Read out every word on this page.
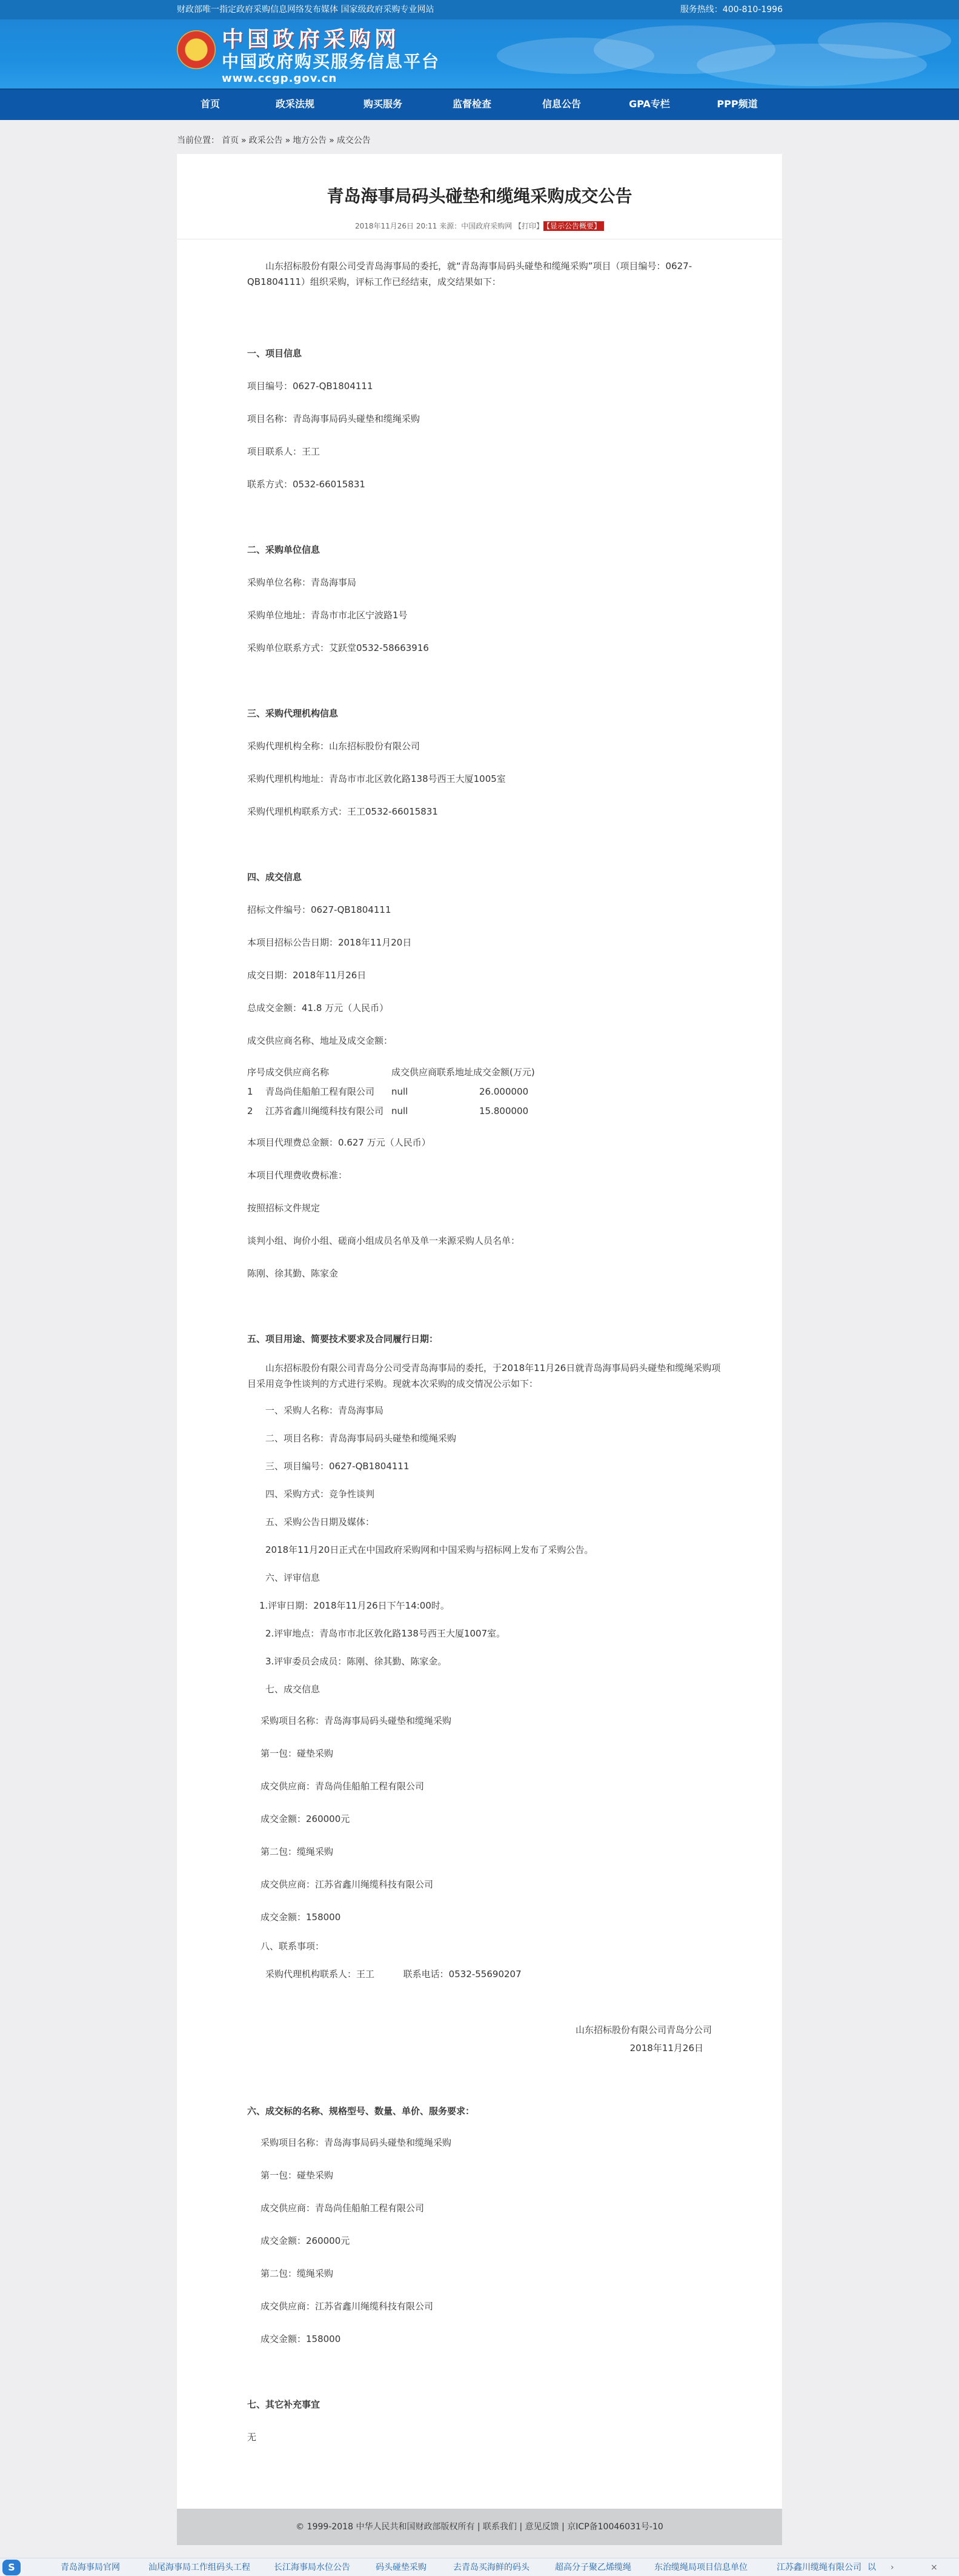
财政部唯一指定政府采购信息网络发布媒体 国家级政府采购专业网站	服务热线：400-810-1996
★ 中国政府采购网
中国政府购买服务信息平台
www.ccgp.gov.cn
首页	政采法规	购买服务	监督检查	信息公告	GPA专栏	PPP频道
当前位置： 首页 » 政采公告 » 地方公告 » 成交公告
青岛海事局码头碰垫和缆绳采购成交公告
2018年11月26日 20:11 来源：中国政府采购网 【打印】 【显示公告概要】
山东招标股份有限公司受青岛海事局的委托，就“青岛海事局码头碰垫和缆绳采购”项目（项目编号：0627-QB1804111）组织采购，评标工作已经结束，成交结果如下：
一、项目信息
项目编号：0627-QB1804111
项目名称：青岛海事局码头碰垫和缆绳采购
项目联系人：王工
联系方式：0532-66015831
二、采购单位信息
采购单位名称：青岛海事局
采购单位地址：青岛市市北区宁波路1号
采购单位联系方式：艾跃堂0532-58663916
三、采购代理机构信息
采购代理机构全称：山东招标股份有限公司
采购代理机构地址：青岛市市北区敦化路138号西王大厦1005室
采购代理机构联系方式：王工0532-66015831
四、成交信息
招标文件编号：0627-QB1804111
本项目招标公告日期：2018年11月20日
成交日期：2018年11月26日
总成交金额：41.8 万元（人民币）
成交供应商名称、地址及成交金额：
序号 成交供应商名称	成交供应商联系地址 成交金额(万元)
1 青岛尚佳船舶工程有限公司 null	26.000000
2 江苏省鑫川绳缆科技有限公司 null	15.800000
本项目代理费总金额：0.627 万元（人民币）
本项目代理费收费标准：
按照招标文件规定
谈判小组、询价小组、磋商小组成员名单及单一来源采购人员名单：
陈刚、徐其勤、陈家金
五、项目用途、简要技术要求及合同履行日期：
山东招标股份有限公司青岛分公司受青岛海事局的委托，于2018年11月26日就青岛海事局码头碰垫和缆绳采购项目采用竞争性谈判的方式进行采购。现就本次采购的成交情况公示如下：
一、采购人名称：青岛海事局
二、项目名称：青岛海事局码头碰垫和缆绳采购
三、项目编号：0627-QB1804111
四、采购方式：竞争性谈判
五、采购公告日期及媒体：
2018年11月20日正式在中国政府采购网和中国采购与招标网上发布了采购公告。
六、评审信息
1.评审日期：2018年11月26日下午14:00时。
2.评审地点：青岛市市北区敦化路138号西王大厦1007室。
3.评审委员会成员：陈刚、徐其勤、陈家金。
七、成交信息
采购项目名称：青岛海事局码头碰垫和缆绳采购
第一包：碰垫采购
成交供应商：青岛尚佳船舶工程有限公司
成交金额：260000元
第二包：缆绳采购
成交供应商：江苏省鑫川绳缆科技有限公司
成交金额：158000
八、联系事项：
采购代理机构联系人：王工          联系电话：0532-55690207
山东招标股份有限公司青岛分公司
2018年11月26日
六、成交标的名称、规格型号、数量、单价、服务要求：
采购项目名称：青岛海事局码头碰垫和缆绳采购
第一包：碰垫采购
成交供应商：青岛尚佳船舶工程有限公司
成交金额：260000元
第二包：缆绳采购
成交供应商：江苏省鑫川绳缆科技有限公司
成交金额：158000
七、其它补充事宜
无
© 1999-2018 中华人民共和国财政部版权所有 | 联系我们 | 意见反馈 | 京ICP备10046031号-10
S	青岛海事局官网	汕尾海事局工作组码头工程	长江海事局水位公告	码头碰垫采购	去青岛买海鲜的码头	超高分子聚乙烯缆绳	东治缆绳局项目信息单位	江苏鑫川缆绳有限公司 以 ›	×
